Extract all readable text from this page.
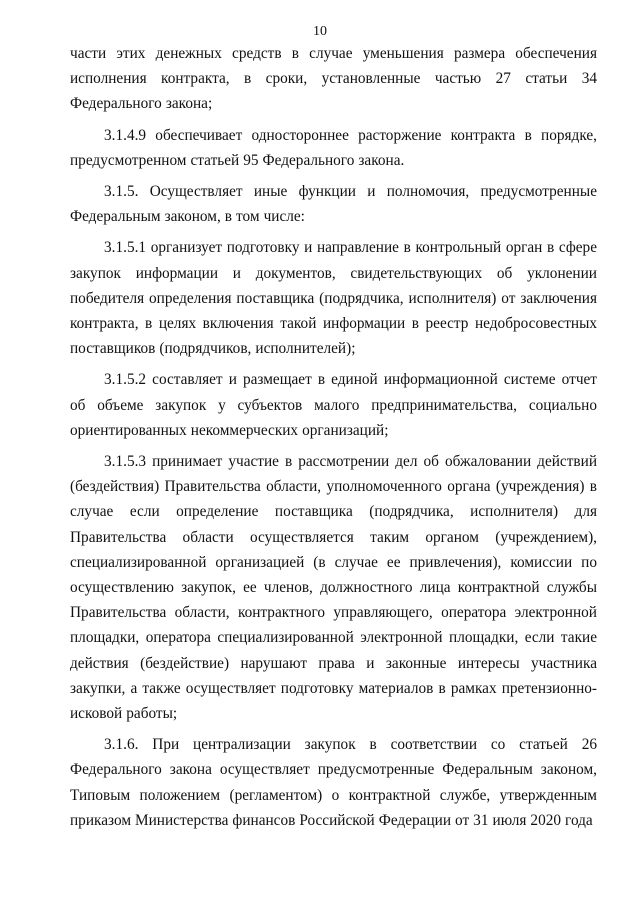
10

части этих денежных средств в случае уменьшения размера обеспечения исполнения контракта, в сроки, установленные частью 27 статьи 34 Федерального закона;

3.1.4.9 обеспечивает одностороннее расторжение контракта в порядке, предусмотренном статьей 95 Федерального закона.

3.1.5. Осуществляет иные функции и полномочия, предусмотренные Федеральным законом, в том числе:

3.1.5.1 организует подготовку и направление в контрольный орган в сфере закупок информации и документов, свидетельствующих об уклонении победителя определения поставщика (подрядчика, исполнителя) от заключения контракта, в целях включения такой информации в реестр недобросовестных поставщиков (подрядчиков, исполнителей);

3.1.5.2 составляет и размещает в единой информационной системе отчет об объеме закупок у субъектов малого предпринимательства, социально ориентированных некоммерческих организаций;

3.1.5.3 принимает участие в рассмотрении дел об обжаловании действий (бездействия) Правительства области, уполномоченного органа (учреждения) в случае если определение поставщика (подрядчика, исполнителя) для Правительства области осуществляется таким органом (учреждением), специализированной организацией (в случае ее привлечения), комиссии по осуществлению закупок, ее членов, должностного лица контрактной службы Правительства области, контрактного управляющего, оператора электронной площадки, оператора специализированной электронной площадки, если такие действия (бездействие) нарушают права и законные интересы участника закупки, а также осуществляет подготовку материалов в рамках претензионно-исковой работы;

3.1.6. При централизации закупок в соответствии со статьей 26 Федерального закона осуществляет предусмотренные Федеральным законом, Типовым положением (регламентом) о контрактной службе, утвержденным приказом Министерства финансов Российской Федерации от 31 июля 2020 года
